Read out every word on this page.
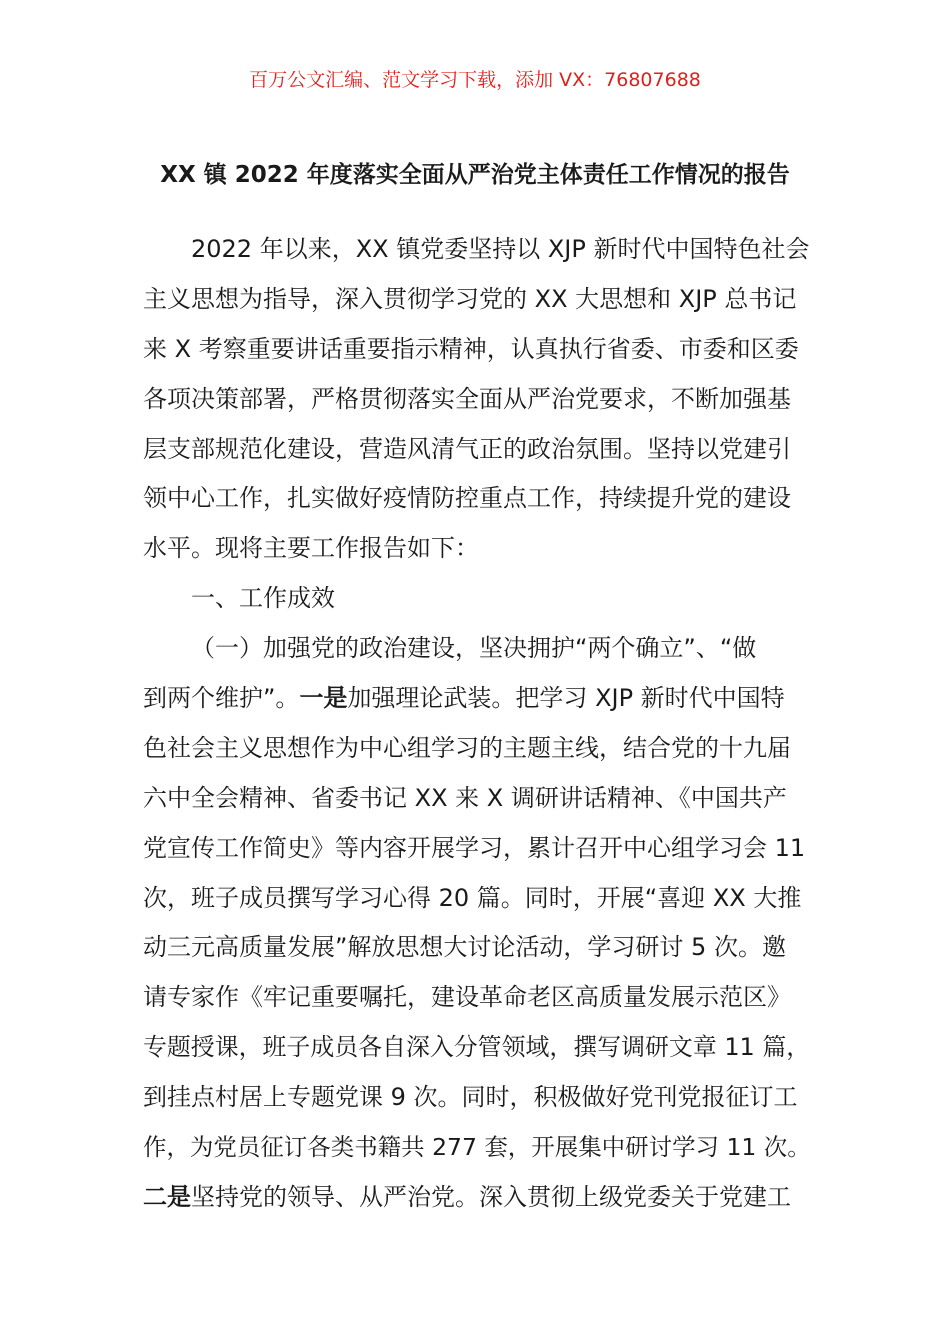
百万公文汇编、范文学习下载，添加 VX：76807688
XX 镇 2022 年度落实全面从严治党主体责任工作情况的报告
2022 年以来，XX 镇党委坚持以 XJP 新时代中国特色社会
主义思想为指导，深入贯彻学习党的 XX 大思想和 XJP 总书记
来 X 考察重要讲话重要指示精神，认真执行省委、市委和区委
各项决策部署，严格贯彻落实全面从严治党要求，不断加强基
层支部规范化建设，营造风清气正的政治氛围。坚持以党建引
领中心工作，扎实做好疫情防控重点工作，持续提升党的建设
水平。现将主要工作报告如下：
一、工作成效
（一）加强党的政治建设，坚决拥护“两个确立”、“做
到两个维护”。 一是 加强理论武装。把学习 XJP 新时代中国特
色社会主义思想作为中心组学习的主题主线，结合党的十九届
六中全会精神、省委书记 XX 来 X 调研讲话精神、《中国共产
党宣传工作简史》等内容开展学习，累计召开中心组学习会 11
次，班子成员撰写学习心得 20 篇。同时，开展“喜迎 XX 大推
动三元高质量发展”解放思想大讨论活动，学习研讨 5 次。邀
请专家作《牢记重要嘱托，建设革命老区高质量发展示范区》
专题授课，班子成员各自深入分管领域，撰写调研文章 11 篇，
到挂点村居上专题党课 9 次。同时，积极做好党刊党报征订工
作，为党员征订各类书籍共 277 套，开展集中研讨学习 11 次。
二是 坚持党的领导、从严治党。深入贯彻上级党委关于党建工
